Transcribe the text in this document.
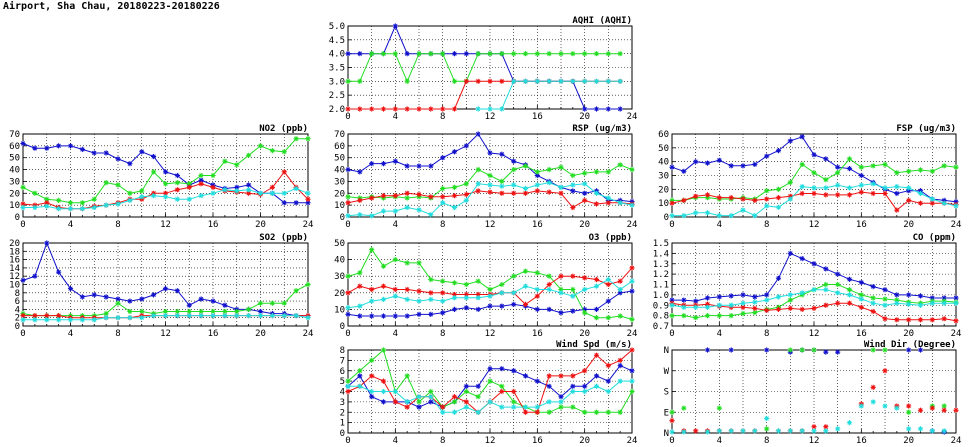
Airport, Sha Chau, 20180223-20180226
0	4	8	12	16	20	24
2.0
2.5
3.0
3.5
4.0
4.5
5.0
AQHI (AQHI)
0	4	8	12	16	20	24
0
10
20
30
40
50
60
70
NO2 (ppb)
0	4	8	12	16	20	24
0
10
20
30
40
50
60
70
RSP (ug/m3)
0	4	8	12	16	20	24
0
10
20
30
40
50
60
FSP (ug/m3)
0	4	8	12	16	20	24
0
2
4
6
8
10
12
14
16
18
20
SO2 (ppb)
0	4	8	12	16	20	24
0
10
20
30
40
50
O3 (ppb)
0	4	8	12	16	20	24
0.7
0.8
0.9
1.0
1.1
1.2
1.3
1.4
1.5
CO (ppm)
0	4	8	12	16	20	24
0
1
2
3
4
5
6
7
8
Wind Spd (m/s)
0	4	8	12	16	20	24
N
E
S
W
N
Wind Dir (Degree)
